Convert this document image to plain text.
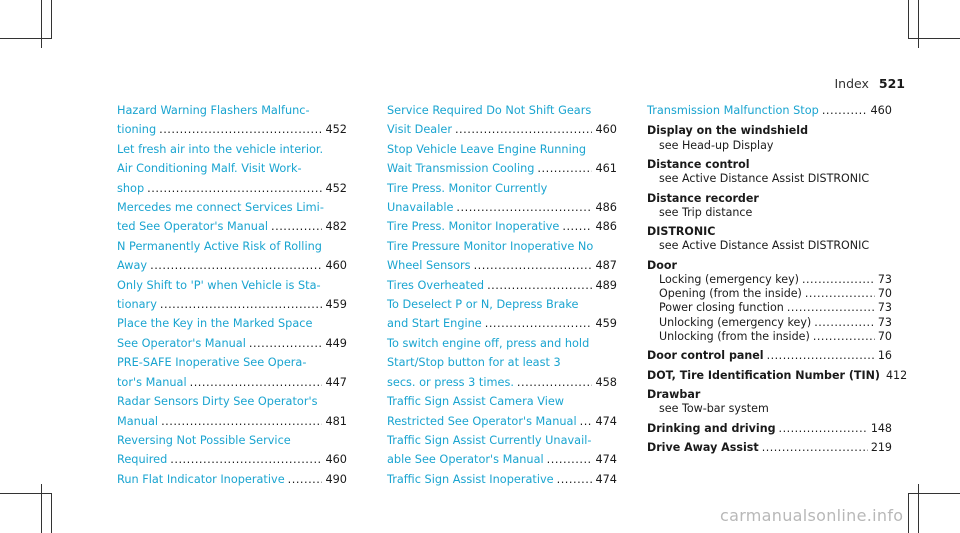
Index 521
Hazard Warning Flashers Malfunc-
tioning .....	452
Let fresh air into the vehicle interior.
Air Conditioning Malf. Visit Work-
shop .....	452
Mercedes me connect Services Limi-
ted See Operator's Manual .....	482
N Permanently Active Risk of Rolling
Away .....	460
Only Shift to 'P' when Vehicle is Sta-
tionary .....	459
Place the Key in the Marked Space
See Operator's Manual .....	449
PRE-SAFE Inoperative See Opera-
tor's Manual .....	447
Radar Sensors Dirty See Operator's
Manual .....	481
Reversing Not Possible Service
Required .....	460
Run Flat Indicator Inoperative .....	490
Service Required Do Not Shift Gears
Visit Dealer .....	460
Stop Vehicle Leave Engine Running
Wait Transmission Cooling .....	461
Tire Press. Monitor Currently
Unavailable .....	486
Tire Press. Monitor Inoperative .....	486
Tire Pressure Monitor Inoperative No
Wheel Sensors .....	487
Tires Overheated .....	489
To Deselect P or N, Depress Brake
and Start Engine .....	459
To switch engine off, press and hold
Start/Stop button for at least 3
secs. or press 3 times. .....	458
Traffic Sign Assist Camera View
Restricted See Operator's Manual ..... 474
Traffic Sign Assist Currently Unavail-
able See Operator's Manual .....	474
Traffic Sign Assist Inoperative .....	474
Transmission Malfunction Stop .....	460
Display on the windshield
see Head-up Display
Distance control
see Active Distance Assist DISTRONIC
Distance recorder
see Trip distance
DISTRONIC
see Active Distance Assist DISTRONIC
Door
Locking (emergency key) .....	73
Opening (from the inside) .....	70
Power closing function .....	73
Unlocking (emergency key) .....	73
Unlocking (from the inside) .....	70
Door control panel .....	16
DOT, Tire Identification Number (TIN) 412
Drawbar
see Tow-bar system
Drinking and driving .....	148
Drive Away Assist .....	219
carmanualsonline.info
